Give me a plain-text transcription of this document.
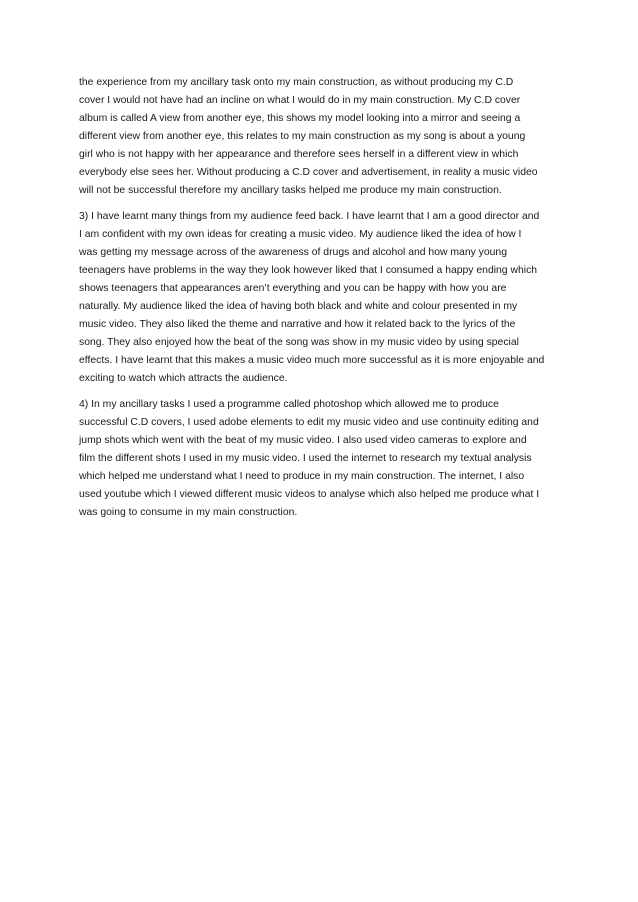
the experience from my ancillary task onto my main construction, as without producing my C.D
cover I would not have had an incline on what I would do in my main construction. My C.D cover
album is called A view from another eye, this shows my model looking into a mirror and seeing a
different view from another eye, this relates to my main construction as my song is about a young
girl who is not happy with her appearance and therefore sees herself in a different view in which
everybody else sees her. Without producing a C.D cover and advertisement, in reality a music video
will not be successful therefore my ancillary tasks helped me produce my main construction.

3) I have learnt many things from my audience feed back. I have learnt that I am a good director and
I am confident with my own ideas for creating a music video. My audience liked the idea of how I
was getting my message across of the awareness of drugs and alcohol and how many young
teenagers have problems in the way they look however liked that I consumed a happy ending which
shows teenagers that appearances aren’t everything and you can be happy with how you are
naturally. My audience liked the idea of having both black and white and colour presented in my
music video. They also liked the theme and narrative and how it related back to the lyrics of the
song. They also enjoyed how the beat of the song was show in my music video by using special
effects. I have learnt that this makes a music video much more successful as it is more enjoyable and
exciting to watch which attracts the audience.

4) In my ancillary tasks I used a programme called photoshop which allowed me to produce
successful C.D covers, I used adobe elements to edit my music video and use continuity editing and
jump shots which went with the beat of my music video. I also used video cameras to explore and
film the different shots I used in my music video. I used the internet to research my textual analysis
which helped me understand what I need to produce in my main construction. The internet, I also
used youtube which I viewed different music videos to analyse which also helped me produce what I
was going to consume in my main construction.
